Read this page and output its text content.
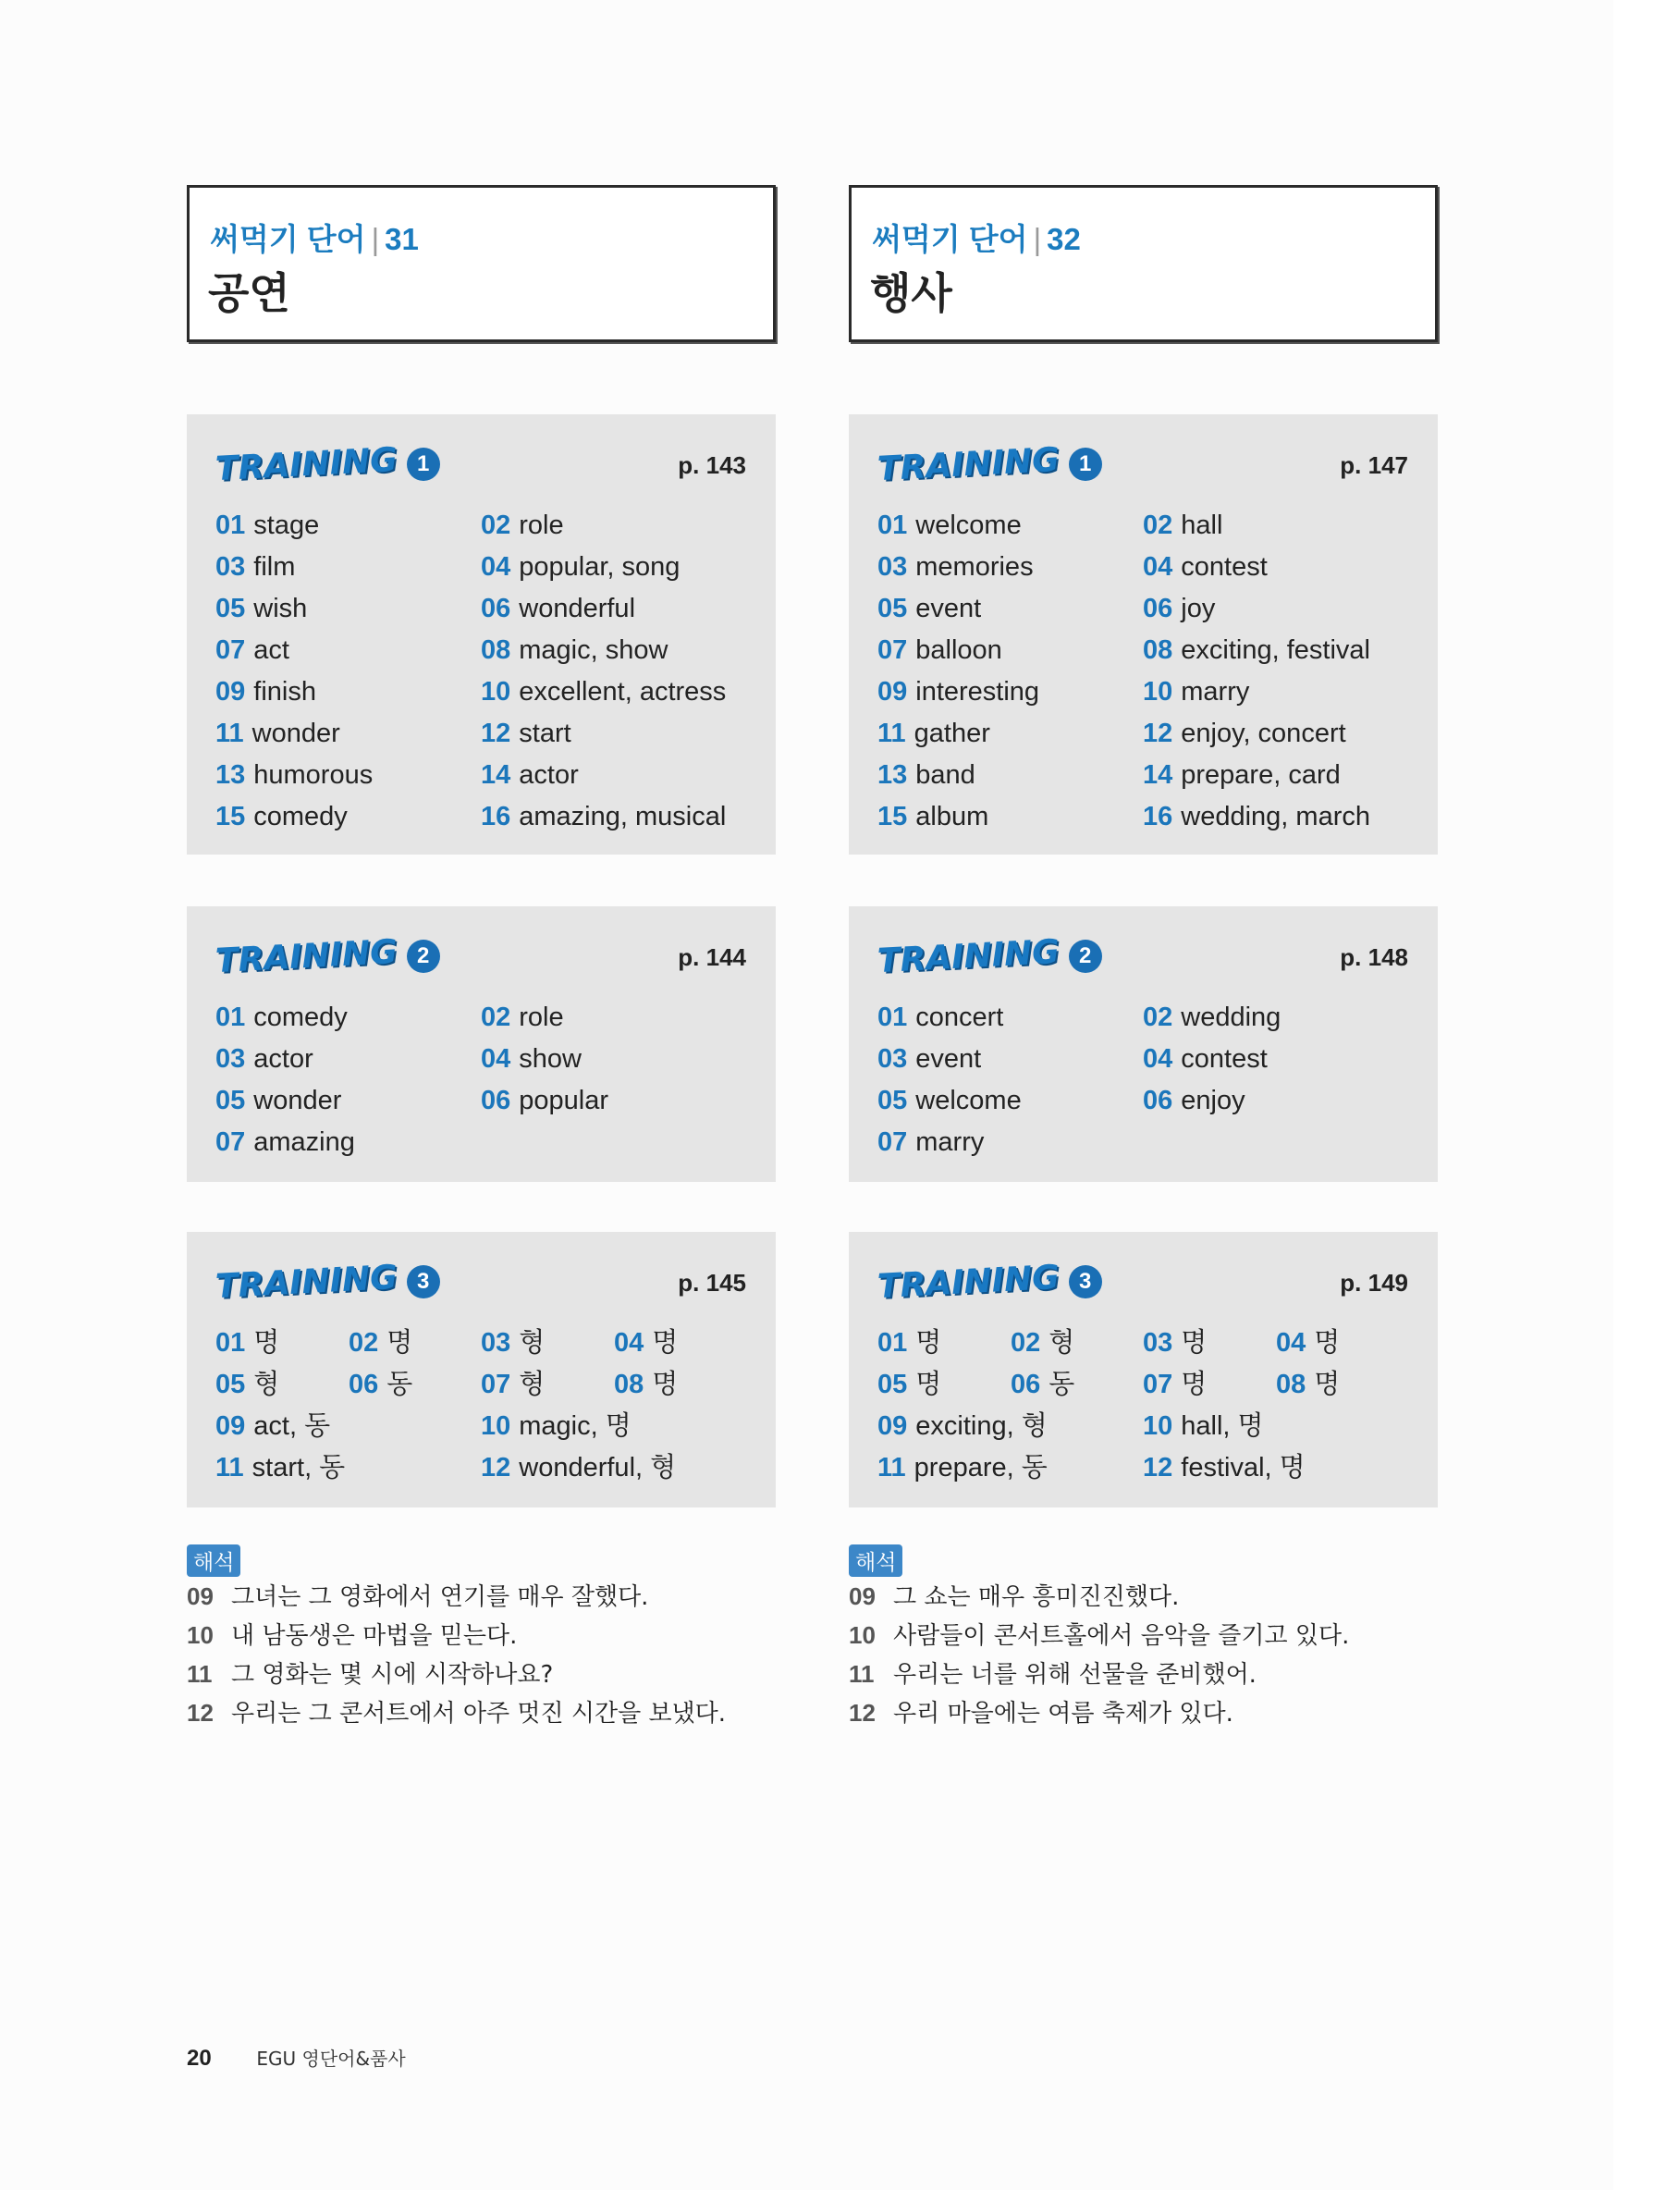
써먹기 단어 | 31
공연
TRAINING 1	p. 143
01 stage	02 role
03 film	04 popular, song
05 wish	06 wonderful
07 act	08 magic, show
09 finish	10 excellent, actress
11 wonder	12 start
13 humorous	14 actor
15 comedy	16 amazing, musical
TRAINING 2	p. 144
01 comedy	02 role
03 actor	04 show
05 wonder	06 popular
07 amazing
TRAINING 3	p. 145
01 명	02 명	03 형	04 명
05 형	06 동	07 형	08 명
09 act, 동	10 magic, 명
11 start, 동	12 wonderful, 형
해석
09 그녀는 그 영화에서 연기를 매우 잘했다.
10 내 남동생은 마법을 믿는다.
11 그 영화는 몇 시에 시작하나요?
12 우리는 그 콘서트에서 아주 멋진 시간을 보냈다.
써먹기 단어 | 32
행사
TRAINING 1	p. 147
01 welcome	02 hall
03 memories	04 contest
05 event	06 joy
07 balloon	08 exciting, festival
09 interesting	10 marry
11 gather	12 enjoy, concert
13 band	14 prepare, card
15 album	16 wedding, march
TRAINING 2	p. 148
01 concert	02 wedding
03 event	04 contest
05 welcome	06 enjoy
07 marry
TRAINING 3	p. 149
01 명	02 형	03 명	04 명
05 명	06 동	07 명	08 명
09 exciting, 형	10 hall, 명
11 prepare, 동	12 festival, 명
해석
09 그 쇼는 매우 흥미진진했다.
10 사람들이 콘서트홀에서 음악을 즐기고 있다.
11 우리는 너를 위해 선물을 준비했어.
12 우리 마을에는 여름 축제가 있다.
20 EGU 영단어&품사
